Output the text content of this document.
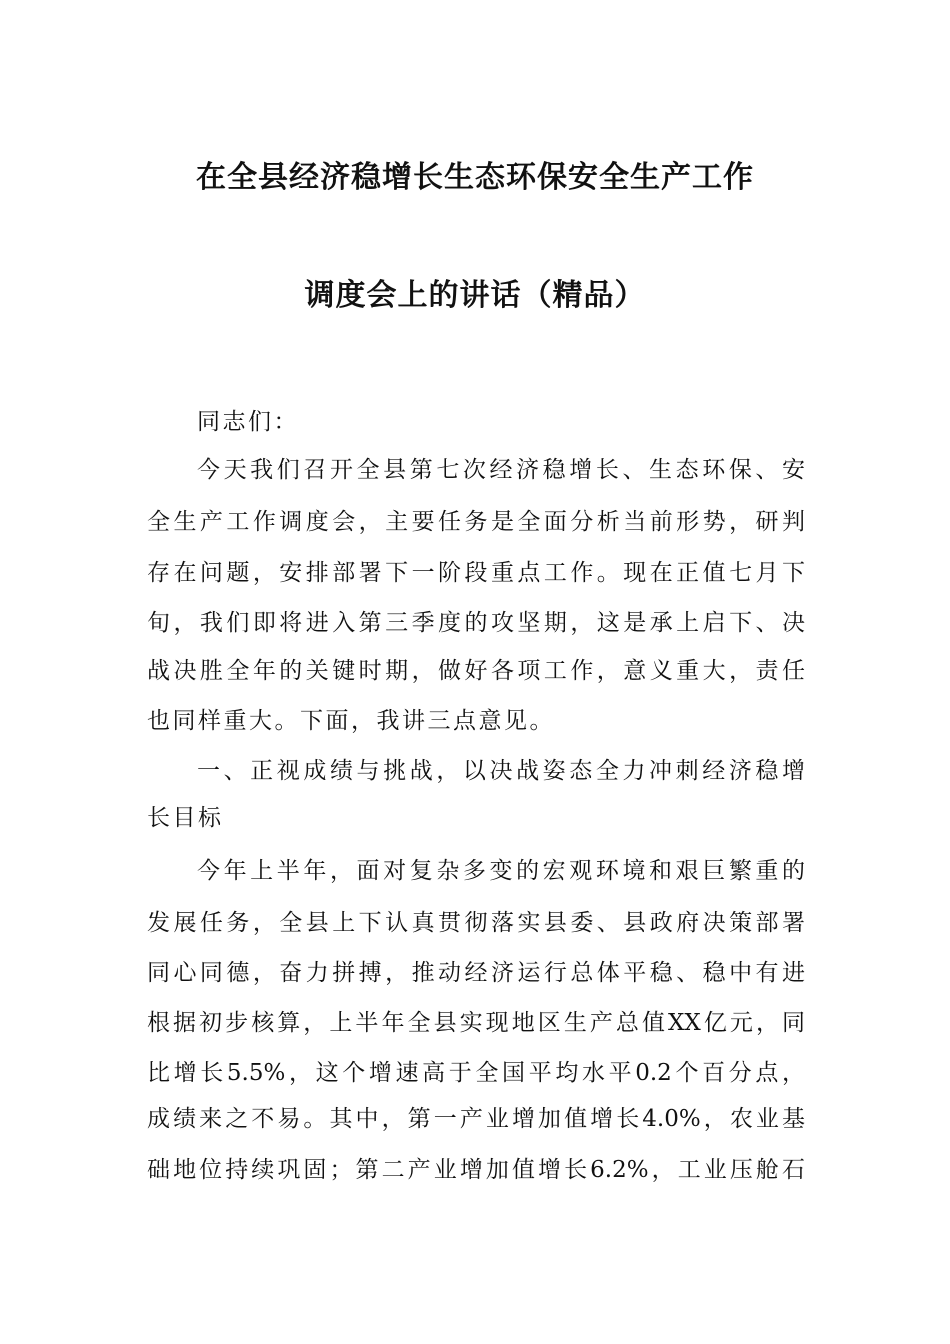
在全县经济稳增长生态环保安全生产工作
调度会上的讲话（精品）
同志们：
今天我们召开全县第七次经济稳增长、生态环保、安
全生产工作调度会，主要任务是全面分析当前形势，研判
存在问题，安排部署下一阶段重点工作。现在正值七月下
旬，我们即将进入第三季度的攻坚期，这是承上启下、决
战决胜全年的关键时期，做好各项工作，意义重大，责任
也同样重大。下面，我讲三点意见。
一、正视成绩与挑战，以决战姿态全力冲刺经济稳增
长目标
今年上半年，面对复杂多变的宏观环境和艰巨繁重的
发展任务，全县上下认真贯彻落实县委、县政府决策部署
同心同德，奋力拼搏，推动经济运行总体平稳、稳中有进
根据初步核算，上半年全县实现地区生产总值XX亿元，同
比增长5.5%，这个增速高于全国平均水平0.2个百分点，
成绩来之不易。其中，第一产业增加值增长4.0%，农业基
础地位持续巩固；第二产业增加值增长6.2%，工业压舱石
